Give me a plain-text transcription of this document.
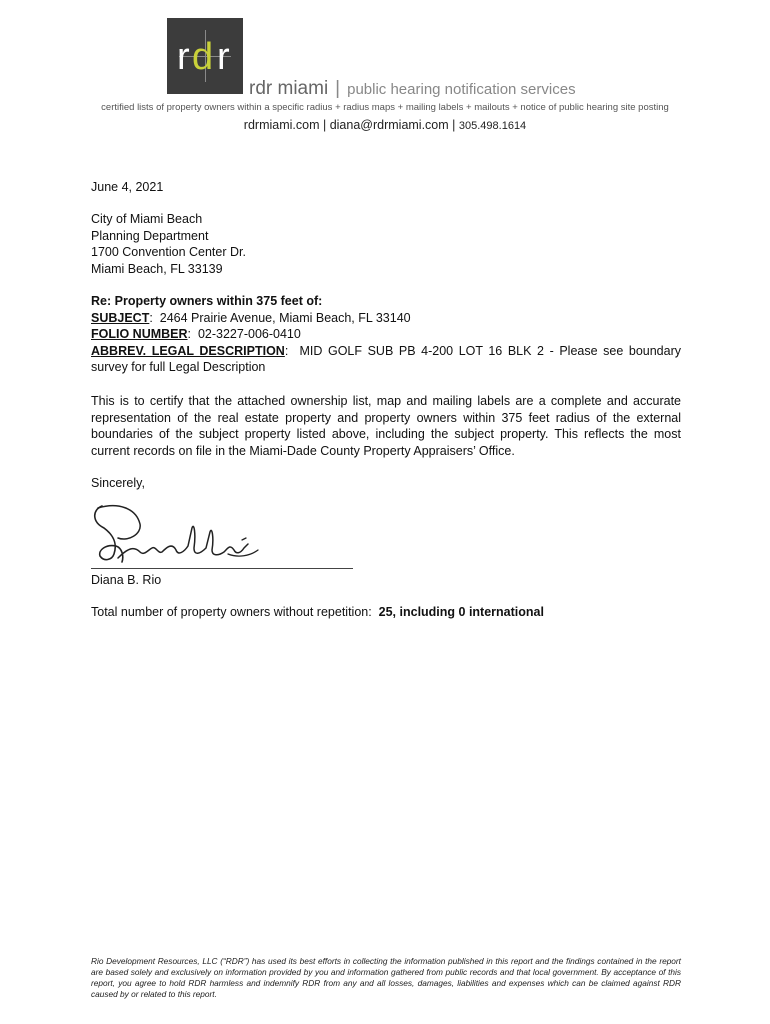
r d r
rdr miami | public hearing notification services
certified lists of property owners within a specific radius + radius maps + mailing labels + mailouts + notice of public hearing site posting
rdrmiami.com | diana@rdrmiami.com | 305.498.1614
June 4, 2021
City of Miami Beach
Planning Department
1700 Convention Center Dr.
Miami Beach, FL 33139
Re: Property owners within 375 feet of:
SUBJECT:  2464 Prairie Avenue, Miami Beach, FL 33140
FOLIO NUMBER:  02-3227-006-0410
ABBREV. LEGAL DESCRIPTION:  MID GOLF SUB PB 4-200 LOT 16 BLK 2 - Please see boundary survey for full Legal Description
This is to certify that the attached ownership list, map and mailing labels are a complete and accurate representation of the real estate property and property owners within 375 feet radius of the external boundaries of the subject property listed above, including the subject property. This reflects the most current records on file in the Miami-Dade County Property Appraisers’ Office.
Sincerely,
Diana B. Rio
Total number of property owners without repetition: 25, including 0 international
Rio Development Resources, LLC (“RDR”) has used its best efforts in collecting the information published in this report and the findings contained in the report are based solely and exclusively on information provided by you and information gathered from public records and that local government. By acceptance of this report, you agree to hold RDR harmless and indemnify RDR from any and all losses, damages, liabilities and expenses which can be claimed against RDR caused by or related to this report.
